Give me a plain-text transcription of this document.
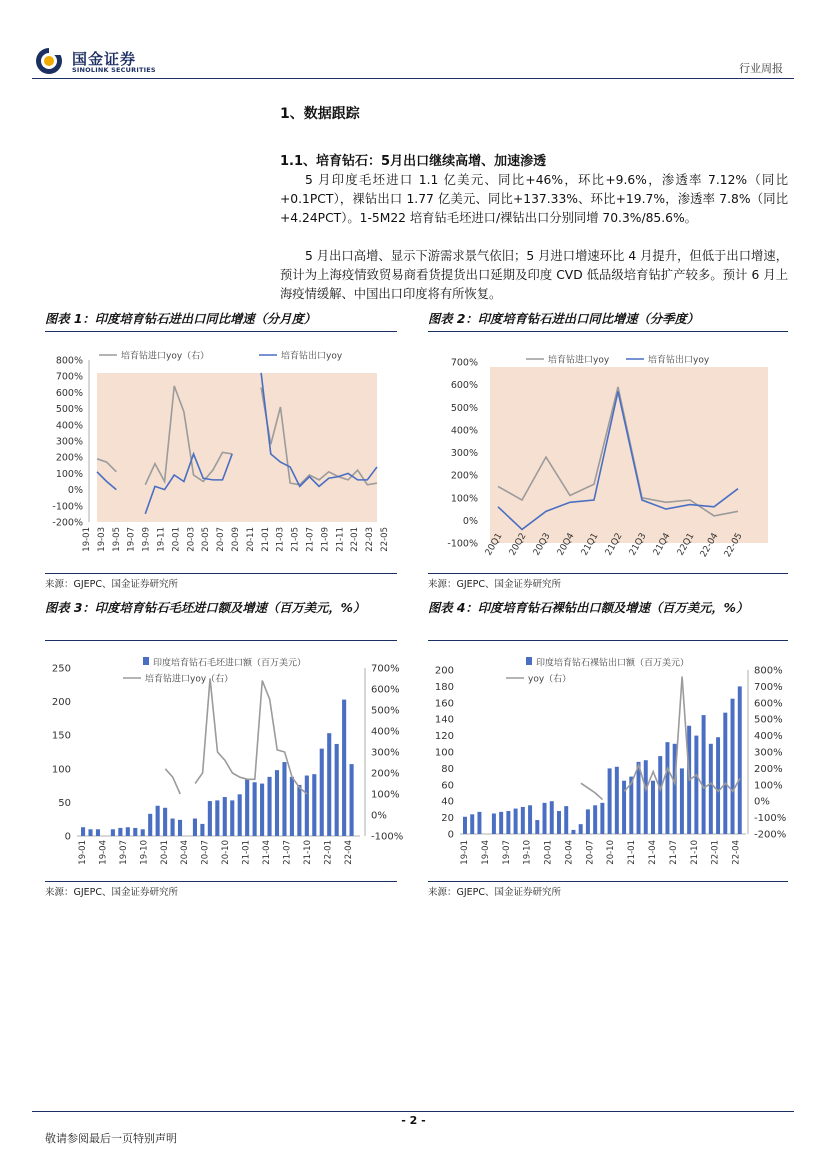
国金证券
SINOLINK SECURITIES	行业周报
1、数据跟踪
1.1、培育钻石：5月出口继续高增、加速渗透
5 月印度毛坯进口 1.1 亿美元、同比+46%，环比+9.6%，渗透率 7.12%（同比+0.1PCT），裸钻出口 1.77 亿美元、同比+137.33%、环比+19.7%，渗透率 7.8%（同比+4.24PCT）。1-5M22 培育钻毛坯进口/裸钻出口分别同增 70.3%/85.6%。
5 月出口高增、显示下游需求景气依旧；5 月进口增速环比 4 月提升，但低于出口增速，预计为上海疫情致贸易商看货提货出口延期及印度 CVD 低品级培育钻扩产较多。预计 6 月上海疫情缓解、中国出口印度将有所恢复。
图表 1：印度培育钻石进出口同比增速（分月度）
800%
700%
600%
500%
400%
300%
200%
100%
0%
-100%
-200%
19-01 19-03 19-05 19-07 19-09 19-11 20-01 20-03 20-05 20-07 20-09 20-11 21-01 21-03 21-05 21-07 21-09 21-11 22-01 22-03 22-05
培育钻进口yoy（右）	培育钻出口yoy
来源：GJEPC、国金证券研究所
图表 2：印度培育钻石进出口同比增速（分季度）
700%
600%
500%
400%
300%
200%
100%
0%
-100% 20Q1 20Q2 20Q3 20Q4 21Q1 21Q2 21Q3 21Q4 22Q1 22-04 22-05
培育钻进口yoy	培育钻出口yoy
来源：GJEPC、国金证券研究所
图表 3：印度培育钻石毛坯进口额及增速（百万美元，%）
250
200
150
100
50
0
700%
600%
500%
400%
300%
200%
100%
0%
-100%
19-01 19-04 19-07 19-10 20-01 20-04 20-07 20-10 21-01 21-04 21-07 21-10 22-01 22-04
印度培育钻石毛坯进口额（百万美元）
培育钻进口yoy（右）
来源：GJEPC、国金证券研究所
图表 4：印度培育钻石裸钻出口额及增速（百万美元，%）
200
180
160
140
120
100
80
60
40
20
0
800%
700%
600%
500%
400%
300%
200%
100%
0%
-100%
-200%
19-01 19-04 19-07 19-10 20-01 20-04 20-07 20-10 21-01 21-04 21-07 21-10 22-01 22-04
印度培育钻石裸钻出口额（百万美元）
yoy（右）
来源：GJEPC、国金证券研究所
- 2 -
敬请参阅最后一页特别声明
